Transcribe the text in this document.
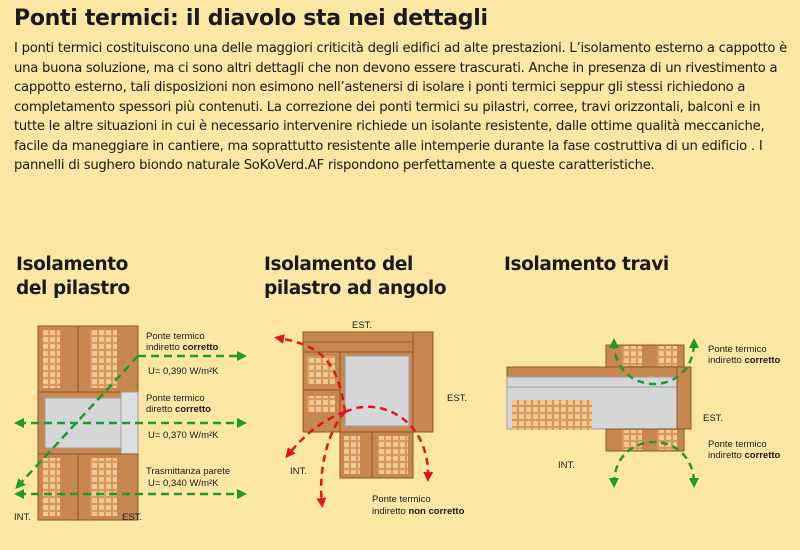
Ponti termici: il diavolo sta nei dettagli

I ponti termici costituiscono una delle maggiori criticità degli edifici ad alte prestazioni. L’isolamento esterno a cappotto è una buona soluzione, ma ci sono altri dettagli che non devono essere trascurati. Anche in presenza di un rivestimento a cappotto esterno, tali disposizioni non esimono nell’astenersi di isolare i ponti termici seppur gli stessi richiedono a completamento spessori più contenuti. La correzione dei ponti termici su pilastri, corree, travi orizzontali, balconi e in tutte le altre situazioni in cui è necessario intervenire richiede un isolante resistente, dalle ottime qualità meccaniche, facile da maneggiare in cantiere, ma soprattutto resistente alle intemperie durante la fase costruttiva di un edificio . I pannelli di sughero biondo naturale SoKoVerd.AF rispondono perfettamente a queste caratteristiche.

Isolamento
del pilastro
Isolamento del
pilastro ad angolo
Isolamento travi
Ponte termico
indiretto corretto
U= 0,390 W/m²K
Ponte termico
diretto corretto
U= 0,370 W/m²K
Trasmittanza parete
U= 0,340 W/m²K
INT.	EST.
EST.
EST.
INT.
Ponte termico
indiretto non corretto
Ponte termico
indiretto corretto
EST.
INT.
Ponte termico
indiretto corretto
